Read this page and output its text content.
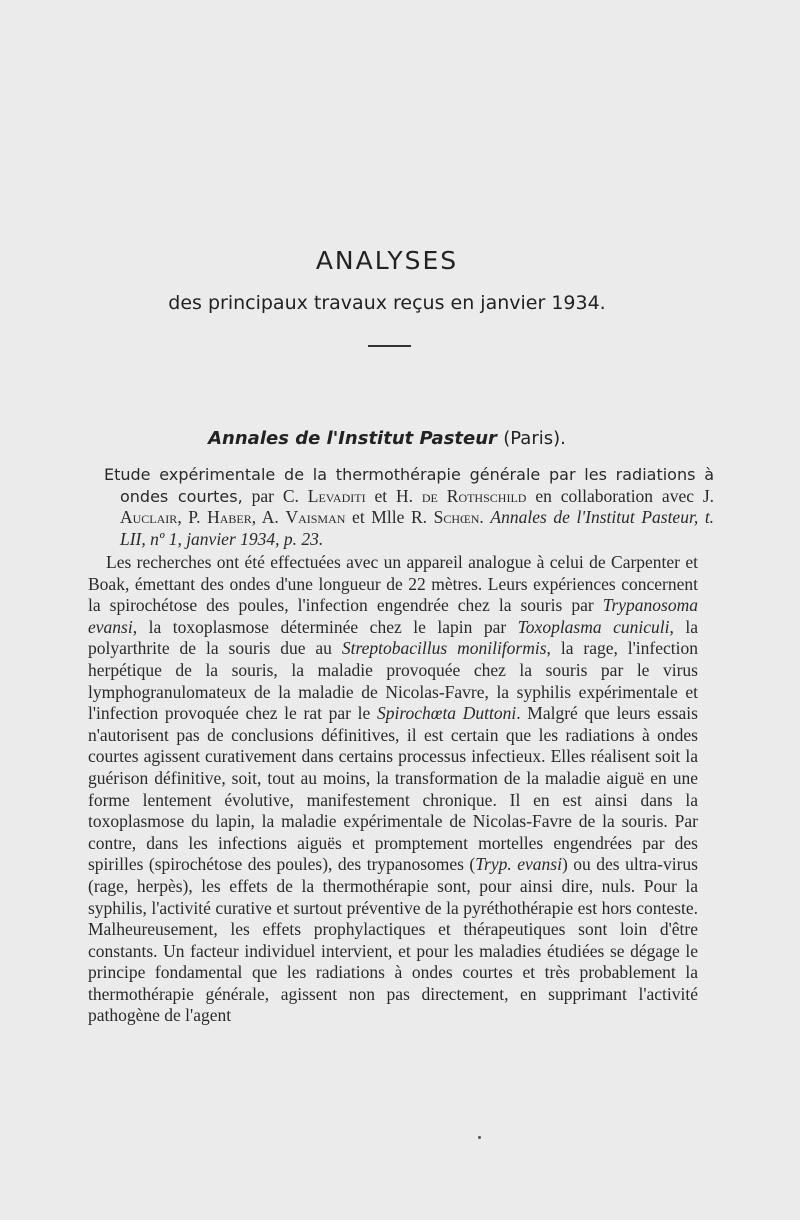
ANALYSES
des principaux travaux reçus en janvier 1934.
Annales de l'Institut Pasteur (Paris).
Etude expérimentale de la thermothérapie générale par les radiations à ondes courtes, par C. Levaditi et H. de Rothschild en collaboration avec J. Auclair, P. Haber, A. Vaisman et Mlle R. Schœn. Annales de l'Institut Pasteur, t. LII, nº 1, janvier 1934, p. 23.
Les recherches ont été effectuées avec un appareil analogue à celui de Carpenter et Boak, émettant des ondes d'une longueur de 22 mètres. Leurs expériences concernent la spirochétose des poules, l'infection engendrée chez la souris par Trypanosoma evansi, la toxoplasmose déterminée chez le lapin par Toxoplasma cuniculi, la polyarthrite de la souris due au Streptobacillus moniliformis, la rage, l'infection herpétique de la souris, la maladie provoquée chez la souris par le virus lymphogranulomateux de la maladie de Nicolas-Favre, la syphilis expérimentale et l'infection provoquée chez le rat par le Spirochœta Duttoni. Malgré que leurs essais n'autorisent pas de conclusions définitives, il est certain que les radiations à ondes courtes agissent curativement dans certains processus infectieux. Elles réalisent soit la guérison définitive, soit, tout au moins, la transformation de la maladie aiguë en une forme lentement évolutive, manifestement chronique. Il en est ainsi dans la toxoplasmose du lapin, la maladie expérimentale de Nicolas-Favre de la souris. Par contre, dans les infections aiguës et promptement mortelles engendrées par des spirilles (spirochétose des poules), des trypanosomes (Tryp. evansi) ou des ultra-virus (rage, herpès), les effets de la thermothérapie sont, pour ainsi dire, nuls. Pour la syphilis, l'activité curative et surtout préventive de la pyréthothérapie est hors conteste. Malheureusement, les effets prophylactiques et thérapeutiques sont loin d'être constants. Un facteur individuel intervient, et pour les maladies étudiées se dégage le principe fondamental que les radiations à ondes courtes et très probablement la thermothérapie générale, agissent non pas directement, en supprimant l'activité pathogène de l'agent
